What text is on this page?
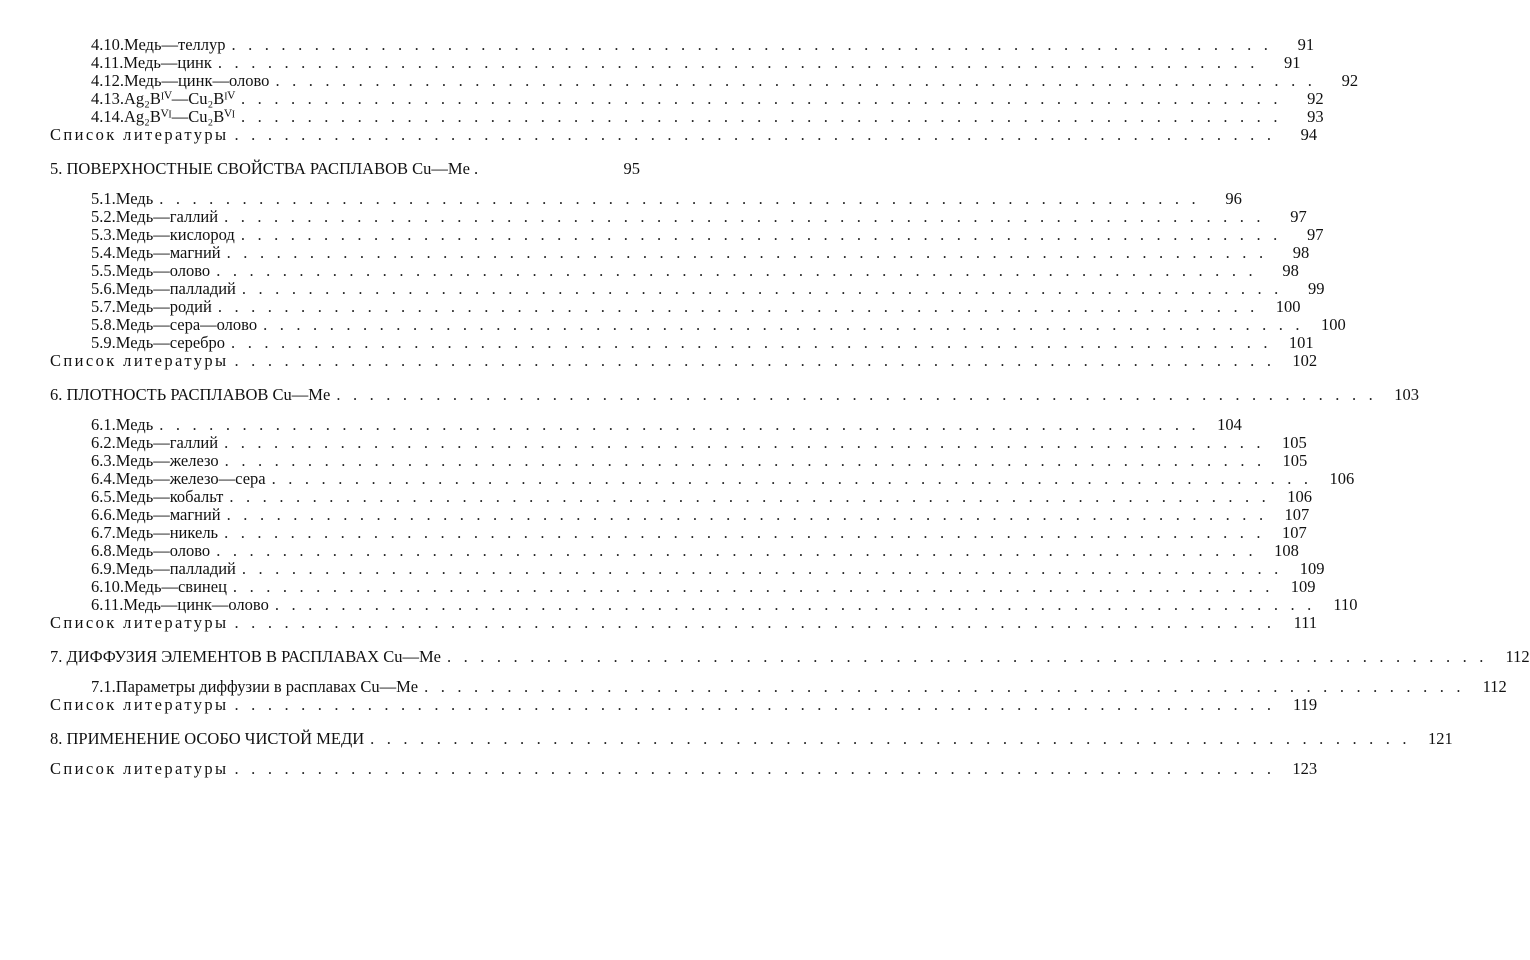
4.10. Медь—теллур . . . . . . . . . . . . . . . . . . . . . . . . . . . . . . . . . . . . . . . . . . . . . . . . . . . . . . . . . . . . . . .	91
4.11. Медь—цинк . . . . . . . . . . . . . . . . . . . . . . . . . . . . . . . . . . . . . . . . . . . . . . . . . . . . . . . . . . . . . . .	91
4.12. Медь—цинк—олово . . . . . . . . . . . . . . . . . . . . . . . . . . . . . . . . . . . . . . . . . . . . . . . . . . . . . . . . . . . . . . .	92
4.13. Ag₂Bᴵⱽ—Cu₂Bᴵⱽ . . . . . . . . . . . . . . . . . . . . . . . . . . . . . . . . . . . . . . . . . . . . . . . . . . . . . . . . . . . . . . .	92
4.14. Ag₂Bⱽᴵ—Cu₂Bⱽᴵ . . . . . . . . . . . . . . . . . . . . . . . . . . . . . . . . . . . . . . . . . . . . . . . . . . . . . . . . . . . . . . .	93
Список литературы . . . . . . . . . . . . . . . . . . . . . . . . . . . . . . . . . . . . . . . . . . . . . . . . . . . . . . . . . . . . . . .	94
5. ПОВЕРХНОСТНЫЕ СВОЙСТВА РАСПЛАВОВ Cu—Me .	95
5.1. Медь . . . . . . . . . . . . . . . . . . . . . . . . . . . . . . . . . . . . . . . . . . . . . . . . . . . . . . . . . . . . . . .	96
5.2. Медь—галлий . . . . . . . . . . . . . . . . . . . . . . . . . . . . . . . . . . . . . . . . . . . . . . . . . . . . . . . . . . . . . . .	97
5.3. Медь—кислород . . . . . . . . . . . . . . . . . . . . . . . . . . . . . . . . . . . . . . . . . . . . . . . . . . . . . . . . . . . . . . .	97
5.4. Медь—магний . . . . . . . . . . . . . . . . . . . . . . . . . . . . . . . . . . . . . . . . . . . . . . . . . . . . . . . . . . . . . . .	98
5.5. Медь—олово . . . . . . . . . . . . . . . . . . . . . . . . . . . . . . . . . . . . . . . . . . . . . . . . . . . . . . . . . . . . . . .	98
5.6. Медь—палладий . . . . . . . . . . . . . . . . . . . . . . . . . . . . . . . . . . . . . . . . . . . . . . . . . . . . . . . . . . . . . . .	99
5.7. Медь—родий . . . . . . . . . . . . . . . . . . . . . . . . . . . . . . . . . . . . . . . . . . . . . . . . . . . . . . . . . . . . . . .	100
5.8. Медь—сера—олово . . . . . . . . . . . . . . . . . . . . . . . . . . . . . . . . . . . . . . . . . . . . . . . . . . . . . . . . . . . . . . .	100
5.9. Медь—серебро . . . . . . . . . . . . . . . . . . . . . . . . . . . . . . . . . . . . . . . . . . . . . . . . . . . . . . . . . . . . . . .	101
Список литературы . . . . . . . . . . . . . . . . . . . . . . . . . . . . . . . . . . . . . . . . . . . . . . . . . . . . . . . . . . . . . . .	102
6. ПЛОТНОСТЬ РАСПЛАВОВ Cu—Me . . . . . . . . . . . . . . . . . . . . . . . . . . . . . . . . . . . . . . . . . . . . . . . . . . . . . . . . . . . . . . .	103
6.1. Медь . . . . . . . . . . . . . . . . . . . . . . . . . . . . . . . . . . . . . . . . . . . . . . . . . . . . . . . . . . . . . . .	104
6.2. Медь—галлий . . . . . . . . . . . . . . . . . . . . . . . . . . . . . . . . . . . . . . . . . . . . . . . . . . . . . . . . . . . . . . .	105
6.3. Медь—железо . . . . . . . . . . . . . . . . . . . . . . . . . . . . . . . . . . . . . . . . . . . . . . . . . . . . . . . . . . . . . . .	105
6.4. Медь—железо—сера . . . . . . . . . . . . . . . . . . . . . . . . . . . . . . . . . . . . . . . . . . . . . . . . . . . . . . . . . . . . . . .	106
6.5. Медь—кобальт . . . . . . . . . . . . . . . . . . . . . . . . . . . . . . . . . . . . . . . . . . . . . . . . . . . . . . . . . . . . . . .	106
6.6. Медь—магний . . . . . . . . . . . . . . . . . . . . . . . . . . . . . . . . . . . . . . . . . . . . . . . . . . . . . . . . . . . . . . .	107
6.7. Медь—никель . . . . . . . . . . . . . . . . . . . . . . . . . . . . . . . . . . . . . . . . . . . . . . . . . . . . . . . . . . . . . . .	107
6.8. Медь—олово . . . . . . . . . . . . . . . . . . . . . . . . . . . . . . . . . . . . . . . . . . . . . . . . . . . . . . . . . . . . . . .	108
6.9. Медь—палладий . . . . . . . . . . . . . . . . . . . . . . . . . . . . . . . . . . . . . . . . . . . . . . . . . . . . . . . . . . . . . . .	109
6.10. Медь—свинец . . . . . . . . . . . . . . . . . . . . . . . . . . . . . . . . . . . . . . . . . . . . . . . . . . . . . . . . . . . . . . .	109
6.11. Медь—цинк—олово . . . . . . . . . . . . . . . . . . . . . . . . . . . . . . . . . . . . . . . . . . . . . . . . . . . . . . . . . . . . . . .	110
Список литературы . . . . . . . . . . . . . . . . . . . . . . . . . . . . . . . . . . . . . . . . . . . . . . . . . . . . . . . . . . . . . . .	111
7. ДИФФУЗИЯ ЭЛЕМЕНТОВ В РАСПЛАВАХ Cu—Me . . . . . . . . . . . . . . . . . . . . . . . . . . . . . . . . . . . . . . . . . . . . . . . . . . . . . . . . . . . . . . .	112
7.1. Параметры диффузии в расплавах Cu—Me . . . . . . . . . . . . . . . . . . . . . . . . . . . . . . . . . . . . . . . . . . . . . . . . . . . . . . . . . . . . . . .	112
Список литературы . . . . . . . . . . . . . . . . . . . . . . . . . . . . . . . . . . . . . . . . . . . . . . . . . . . . . . . . . . . . . . .	119
8. ПРИМЕНЕНИЕ ОСОБО ЧИСТОЙ МЕДИ . . . . . . . . . . . . . . . . . . . . . . . . . . . . . . . . . . . . . . . . . . . . . . . . . . . . . . . . . . . . . . .	121
Список литературы . . . . . . . . . . . . . . . . . . . . . . . . . . . . . . . . . . . . . . . . . . . . . . . . . . . . . . . . . . . . . . .	123
